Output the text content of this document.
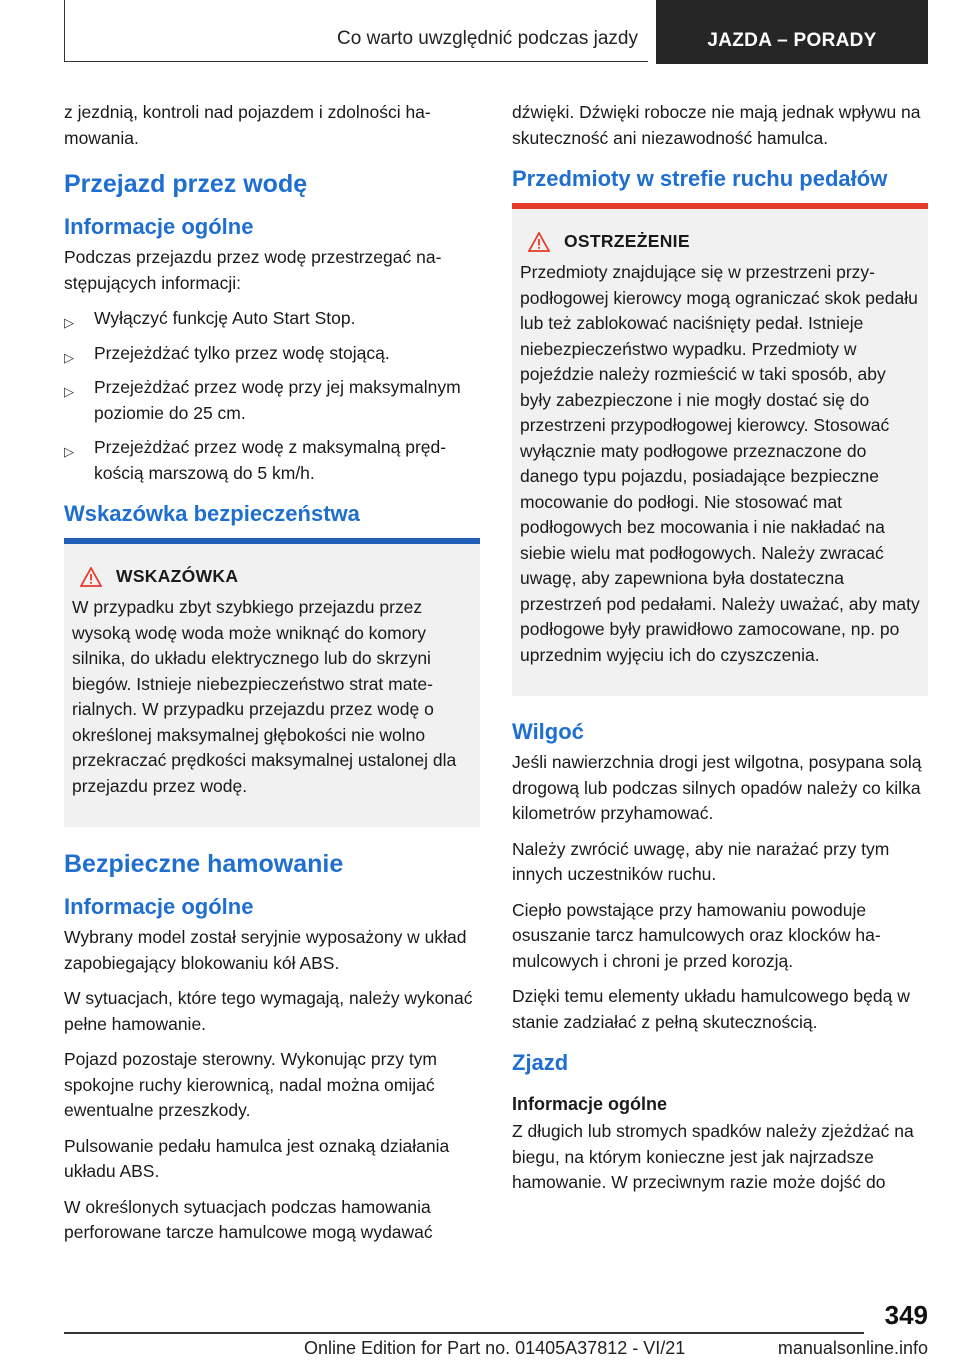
Co warto uwzględnić podczas jazdy	JAZDA – PORADY

z jezdnią, kontroli nad pojazdem i zdolności hamowania.

Przejazd przez wodę
Informacje ogólne

Podczas przejazdu przez wodę przestrzegać następujących informacji:

▷ Wyłączyć funkcję Auto Start Stop.
▷ Przejeżdżać tylko przez wodę stojącą.
▷ Przejeżdżać przez wodę przy jej maksymalnym poziomie do 25 cm.
▷ Przejeżdżać przez wodę z maksymalną prędkością marszową do 5 km/h.
Wskazówka bezpieczeństwa
WSKAZÓWKA

W przypadku zbyt szybkiego przejazdu przez wysoką wodę woda może wniknąć do komory silnika, do układu elektrycznego lub do skrzyni biegów. Istnieje niebezpieczeństwo strat materialnych. W przypadku przejazdu przez wodę o określonej maksymalnej głębokości nie wolno przekraczać prędkości maksymalnej ustalonej dla przejazdu przez wodę.

Bezpieczne hamowanie
Informacje ogólne

Wybrany model został seryjnie wyposażony w układ zapobiegający blokowaniu kół ABS.

W sytuacjach, które tego wymagają, należy wykonać pełne hamowanie.

Pojazd pozostaje sterowny. Wykonując przy tym spokojne ruchy kierownicą, nadal można omijać ewentualne przeszkody.

Pulsowanie pedału hamulca jest oznaką działania układu ABS.

W określonych sytuacjach podczas hamowania perforowane tarcze hamulcowe mogą wydawać

dźwięki. Dźwięki robocze nie mają jednak wpływu na skuteczność ani niezawodność hamulca.

Przedmioty w strefie ruchu pedałów
OSTRZEŻENIE

Przedmioty znajdujące się w przestrzeni przypodłogowej kierowcy mogą ograniczać skok pedału lub też zablokować naciśnięty pedał. Istnieje niebezpieczeństwo wypadku. Przedmioty w pojeździe należy rozmieścić w taki sposób, aby były zabezpieczone i nie mogły dostać się do przestrzeni przypodłogowej kierowcy. Stosować wyłącznie maty podłogowe przeznaczone do danego typu pojazdu, posiadające bezpieczne mocowanie do podłogi. Nie stosować mat podłogowych bez mocowania i nie nakładać na siebie wielu mat podłogowych. Należy zwracać uwagę, aby zapewniona była dostateczna przestrzeń pod pedałami. Należy uważać, aby maty podłogowe były prawidłowo zamocowane, np. po uprzednim wyjęciu ich do czyszczenia.

Wilgoć

Jeśli nawierzchnia drogi jest wilgotna, posypana solą drogową lub podczas silnych opadów należy co kilka kilometrów przyhamować.

Należy zwrócić uwagę, aby nie narażać przy tym innych uczestników ruchu.

Ciepło powstające przy hamowaniu powoduje osuszanie tarcz hamulcowych oraz klocków hamulcowych i chroni je przed korozją.

Dzięki temu elementy układu hamulcowego będą w stanie zadziałać z pełną skutecznością.

Zjazd
Informacje ogólne

Z długich lub stromych spadków należy zjeżdżać na biegu, na którym konieczne jest jak najrzadsze hamowanie. W przeciwnym razie może dojść do

349
Online Edition for Part no. 01405A37812 - VI/21	manualsonline.info
